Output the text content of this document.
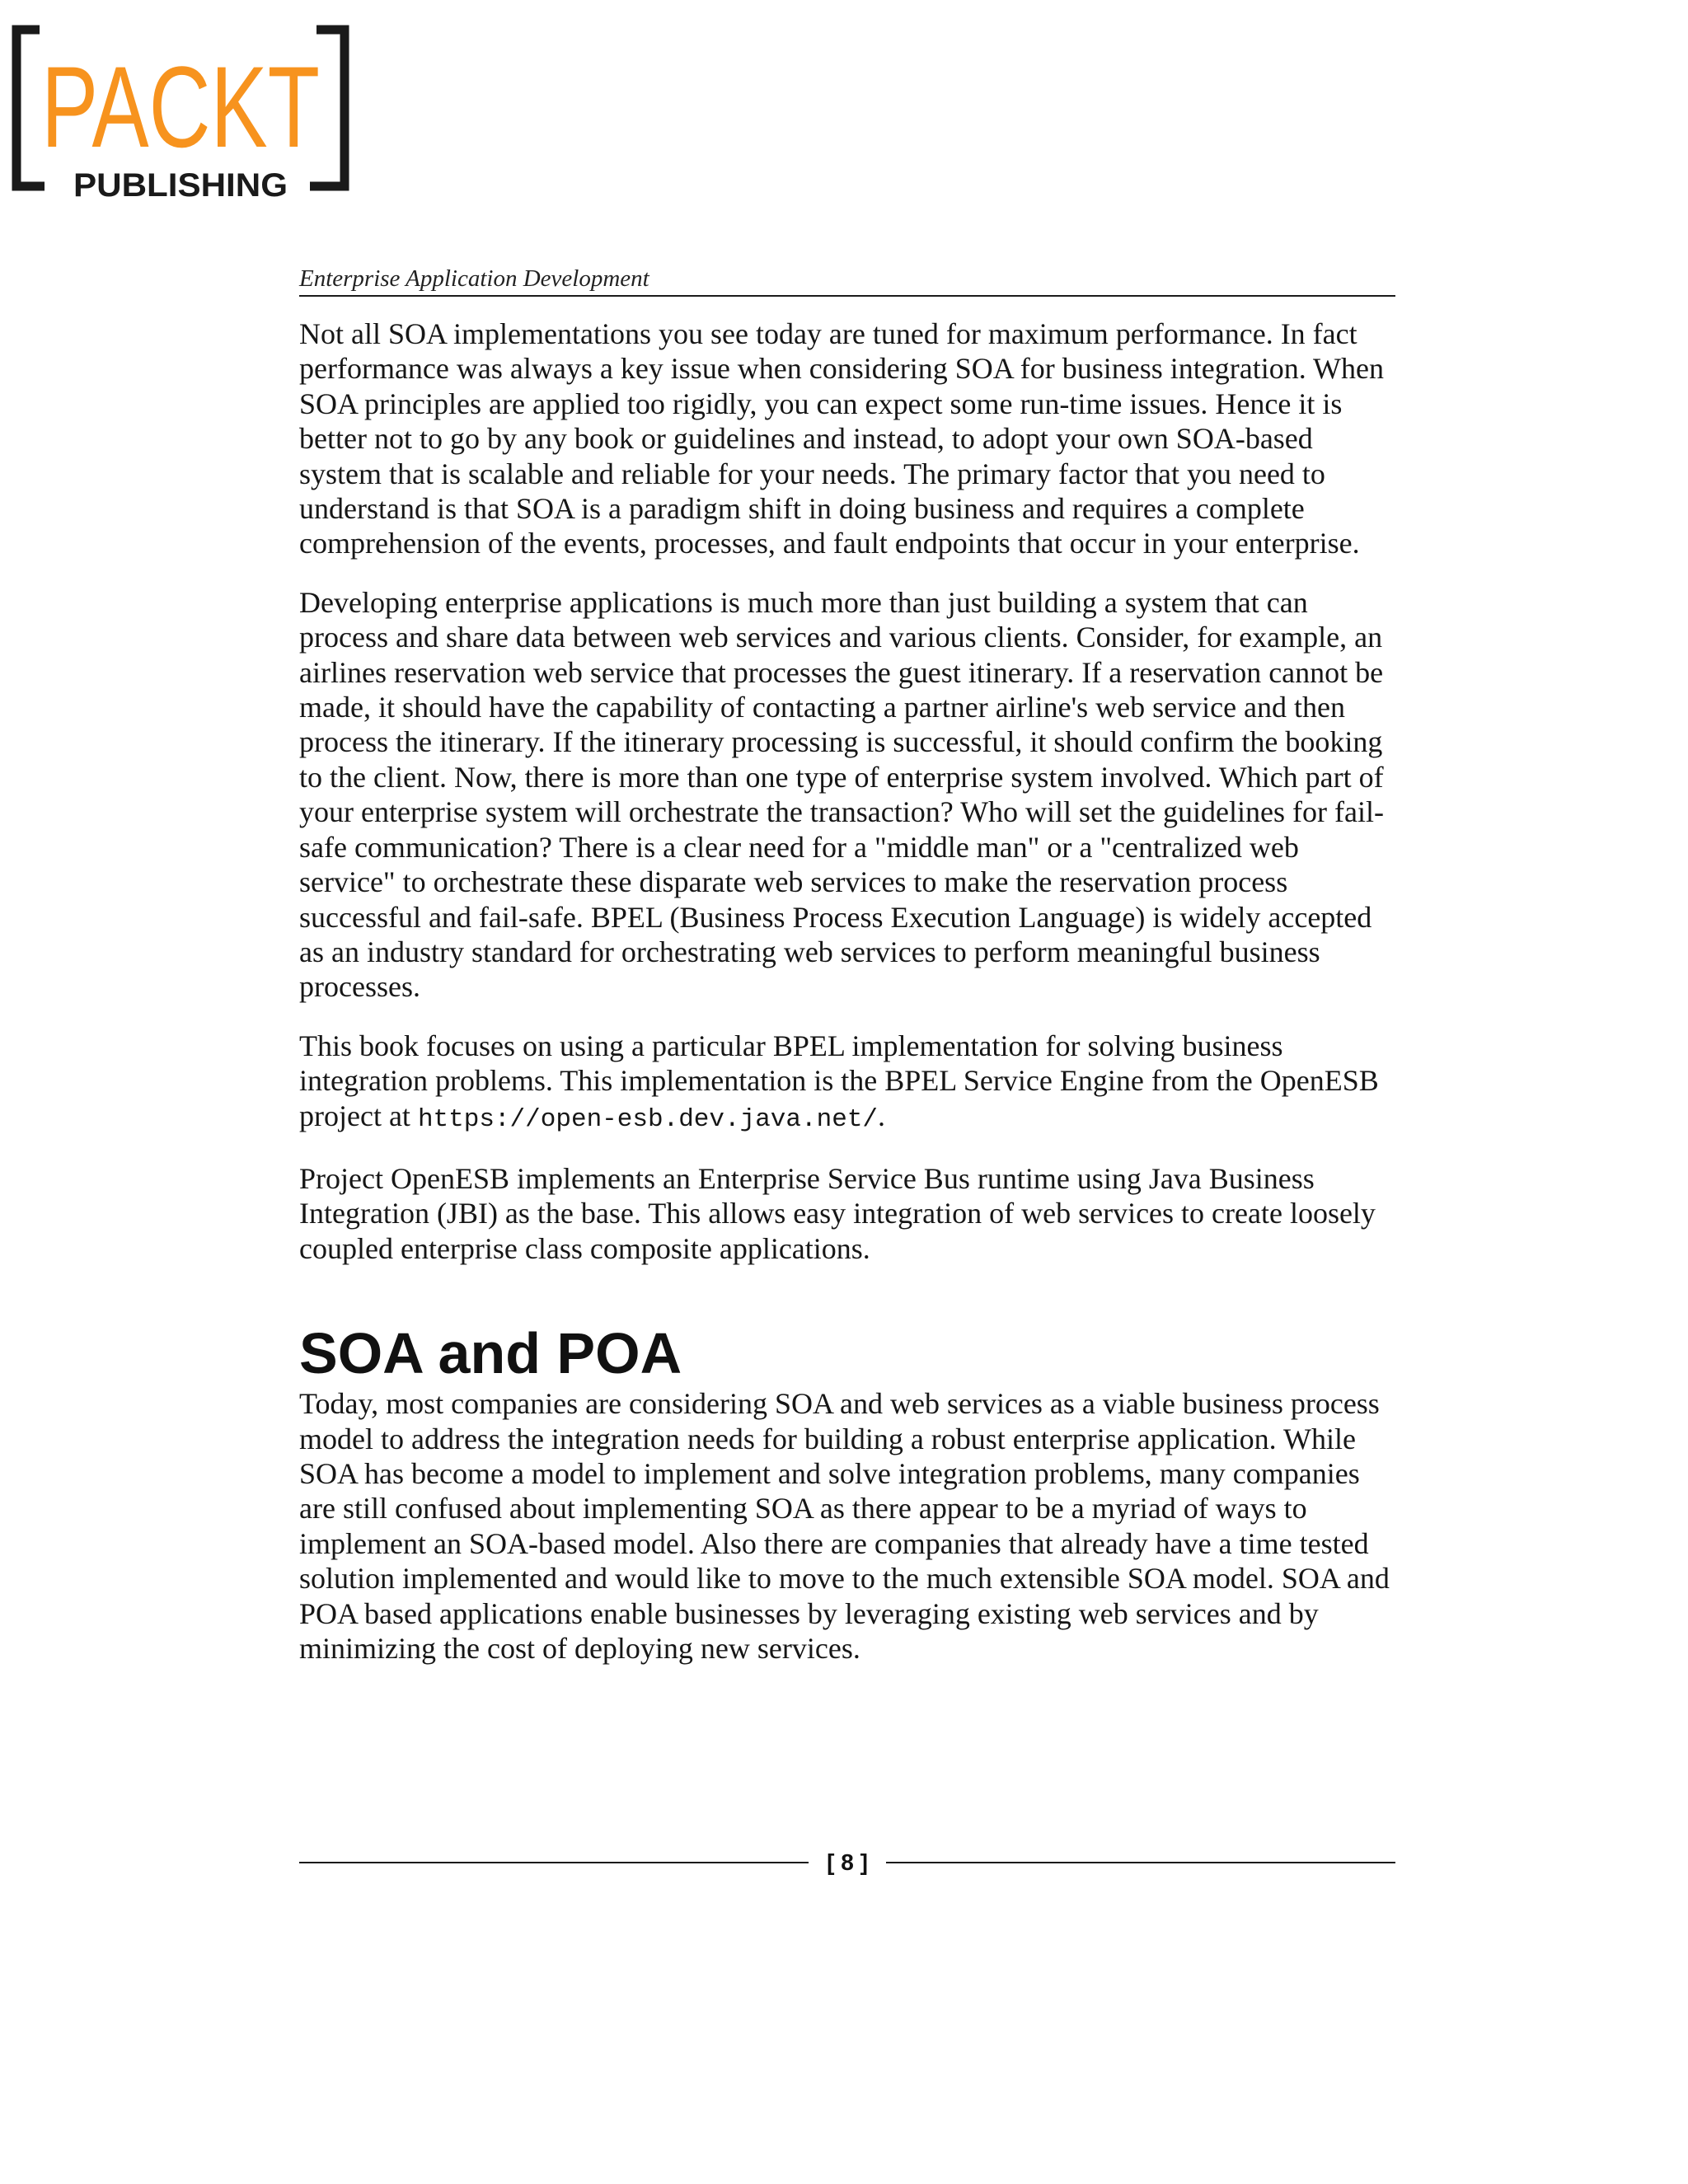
PACKT
PUBLISHING
Enterprise Application Development

Not all SOA implementations you see today are tuned for maximum performance. In fact performance was always a key issue when considering SOA for business integration. When SOA principles are applied too rigidly, you can expect some run-time issues. Hence it is better not to go by any book or guidelines and instead, to adopt your own SOA-based system that is scalable and reliable for your needs. The primary factor that you need to understand is that SOA is a paradigm shift in doing business and requires a complete comprehension of the events, processes, and fault endpoints that occur in your enterprise.

Developing enterprise applications is much more than just building a system that can process and share data between web services and various clients. Consider, for example, an airlines reservation web service that processes the guest itinerary. If a reservation cannot be made, it should have the capability of contacting a partner airline's web service and then process the itinerary. If the itinerary processing is successful, it should confirm the booking to the client. Now, there is more than one type of enterprise system involved. Which part of your enterprise system will orchestrate the transaction? Who will set the guidelines for fail-safe communication? There is a clear need for a "middle man" or a "centralized web service" to orchestrate these disparate web services to make the reservation process successful and fail-safe. BPEL (Business Process Execution Language) is widely accepted as an industry standard for orchestrating web services to perform meaningful business processes.

This book focuses on using a particular BPEL implementation for solving business integration problems. This implementation is the BPEL Service Engine from the OpenESB project at https://open-esb.dev.java.net/.

Project OpenESB implements an Enterprise Service Bus runtime using Java Business Integration (JBI) as the base. This allows easy integration of web services to create loosely coupled enterprise class composite applications.

SOA and POA

Today, most companies are considering SOA and web services as a viable business process model to address the integration needs for building a robust enterprise application. While SOA has become a model to implement and solve integration problems, many companies are still confused about implementing SOA as there appear to be a myriad of ways to implement an SOA-based model. Also there are companies that already have a time tested solution implemented and would like to move to the much extensible SOA model. SOA and POA based applications enable businesses by leveraging existing web services and by minimizing the cost of deploying new services.

[ 8 ]
